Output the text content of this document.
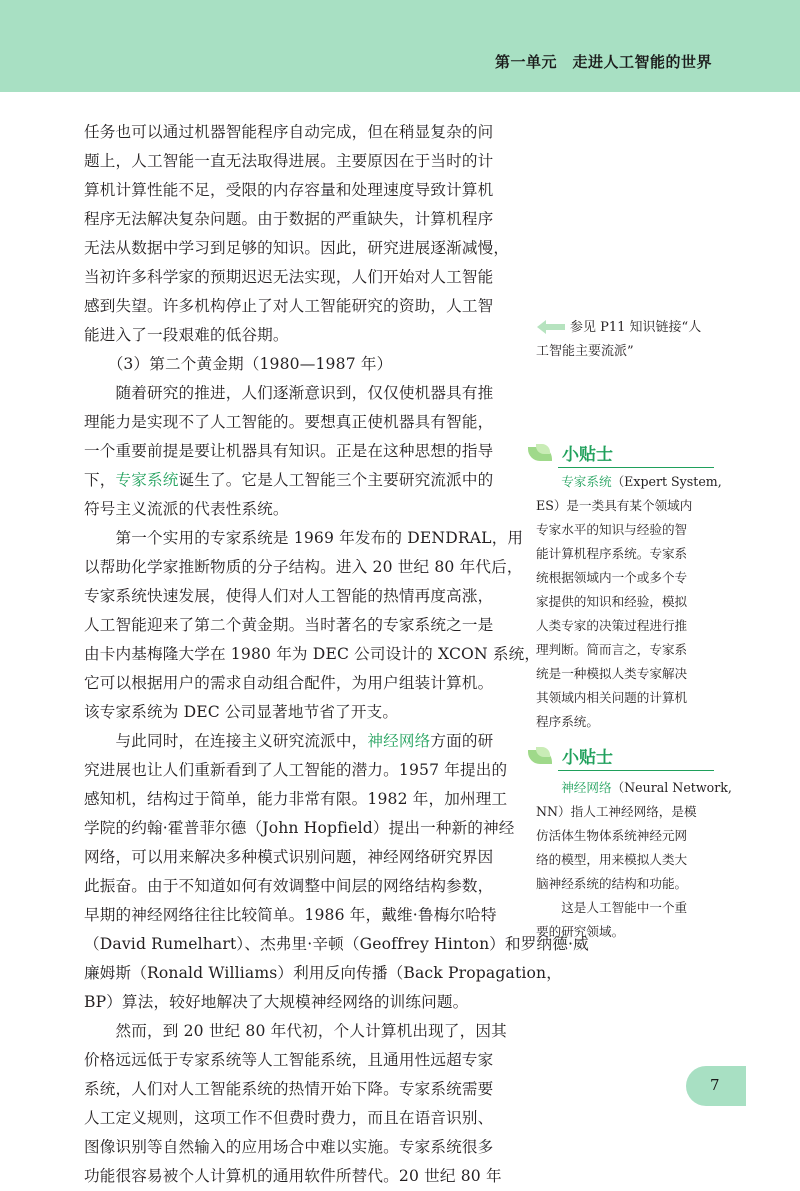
第一单元　走进人工智能的世界
任务也可以通过机器智能程序自动完成，但在稍显复杂的问
题上，人工智能一直无法取得进展。主要原因在于当时的计
算机计算性能不足，受限的内存容量和处理速度导致计算机
程序无法解决复杂问题。由于数据的严重缺失，计算机程序
无法从数据中学习到足够的知识。因此，研究进展逐渐减慢，
当初许多科学家的预期迟迟无法实现，人们开始对人工智能
感到失望。许多机构停止了对人工智能研究的资助，人工智
能进入了一段艰难的低谷期。
　　（3）第二个黄金期（1980—1987 年）
　　随着研究的推进，人们逐渐意识到，仅仅使机器具有推
理能力是实现不了人工智能的。要想真正使机器具有智能，
一个重要前提是要让机器具有知识。正是在这种思想的指导
下，专家系统诞生了。它是人工智能三个主要研究流派中的
符号主义流派的代表性系统。
　　第一个实用的专家系统是 1969 年发布的 DENDRAL，用
以帮助化学家推断物质的分子结构。进入 20 世纪 80 年代后，
专家系统快速发展，使得人们对人工智能的热情再度高涨，
人工智能迎来了第二个黄金期。当时著名的专家系统之一是
由卡内基梅隆大学在 1980 年为 DEC 公司设计的 XCON 系统，
它可以根据用户的需求自动组合配件，为用户组装计算机。
该专家系统为 DEC 公司显著地节省了开支。
　　与此同时，在连接主义研究流派中，神经网络方面的研
究进展也让人们重新看到了人工智能的潜力。1957 年提出的
感知机，结构过于简单，能力非常有限。1982 年，加州理工
学院的约翰·霍普菲尔德（John Hopfield）提出一种新的神经
网络，可以用来解决多种模式识别问题，神经网络研究界因
此振奋。由于不知道如何有效调整中间层的网络结构参数，
早期的神经网络往往比较简单。1986 年，戴维·鲁梅尔哈特
（David Rumelhart）、杰弗里·辛顿（Geoffrey Hinton）和罗纳德·威
廉姆斯（Ronald Williams）利用反向传播（Back Propagation，
BP）算法，较好地解决了大规模神经网络的训练问题。
　　然而，到 20 世纪 80 年代初，个人计算机出现了，因其
价格远远低于专家系统等人工智能系统，且通用性远超专家
系统，人们对人工智能系统的热情开始下降。专家系统需要
人工定义规则，这项工作不但费时费力，而且在语音识别、
图像识别等自然输入的应用场合中难以实施。专家系统很多
功能很容易被个人计算机的通用软件所替代。20 世纪 80 年
参见 P11 知识链接“人
工智能主要流派”
小贴士
　　专家系统（Expert System,
ES）是一类具有某个领域内
专家水平的知识与经验的智
能计算机程序系统。专家系
统根据领域内一个或多个专
家提供的知识和经验，模拟
人类专家的决策过程进行推
理判断。简而言之，专家系
统是一种模拟人类专家解决
其领域内相关问题的计算机
程序系统。
小贴士
　　神经网络（Neural Network,
NN）指人工神经网络，是模
仿活体生物体系统神经元网
络的模型，用来模拟人类大
脑神经系统的结构和功能。
　　这是人工智能中一个重
要的研究领域。
7
